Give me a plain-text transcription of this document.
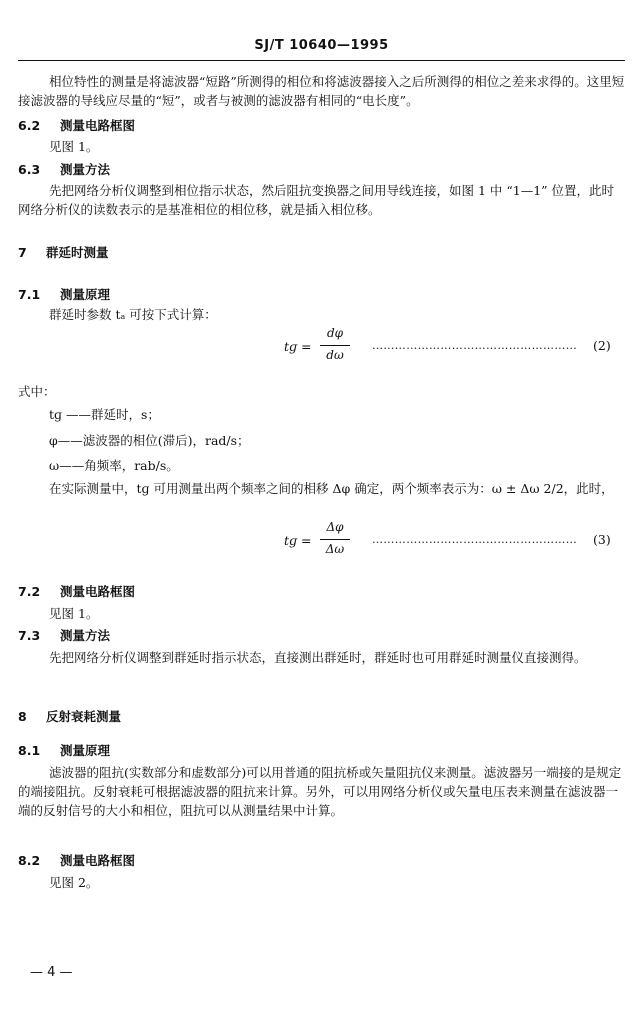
SJ/T 10640—1995
相位特性的测量是将滤波器“短路”所测得的相位和将滤波器接入之后所测得的相位之差来求得的。这里短接滤波器的导线应尽量的“短”，或者与被测的滤波器有相同的“电长度”。
6.2 测量电路框图
见图 1。
6.3 测量方法
先把网络分析仪调整到相位指示状态，然后阻抗变换器之间用导线连接，如图 1 中 “1—1” 位置，此时网络分析仪的读数表示的是基准相位的相位移，就是插入相位移。
7 群延时测量
7.1 测量原理
群延时参数 tₐ 可按下式计算：
tɡ =
dφ
dω
……………………………………………… (2)
式中：
tɡ ——群延时，s；
φ——滤波器的相位(滞后)，rad/s；
ω——角频率，rab/s。
在实际测量中，tɡ 可用测量出两个频率之间的相移 Δφ 确定，两个频率表示为：ω ± Δω 2/2，此时，
tɡ =
Δφ
Δω
……………………………………………… (3)
7.2 测量电路框图
见图 1。
7.3 测量方法
先把网络分析仪调整到群延时指示状态，直接测出群延时，群延时也可用群延时测量仪直接测得。
8 反射衰耗测量
8.1 测量原理
滤波器的阻抗(实数部分和虚数部分)可以用普通的阻抗桥或矢量阻抗仪来测量。滤波器另一端接的是规定的端接阻抗。反射衰耗可根据滤波器的阻抗来计算。另外，可以用网络分析仪或矢量电压表来测量在滤波器一端的反射信号的大小和相位，阻抗可以从测量结果中计算。
8.2 测量电路框图
见图 2。
— 4 —
